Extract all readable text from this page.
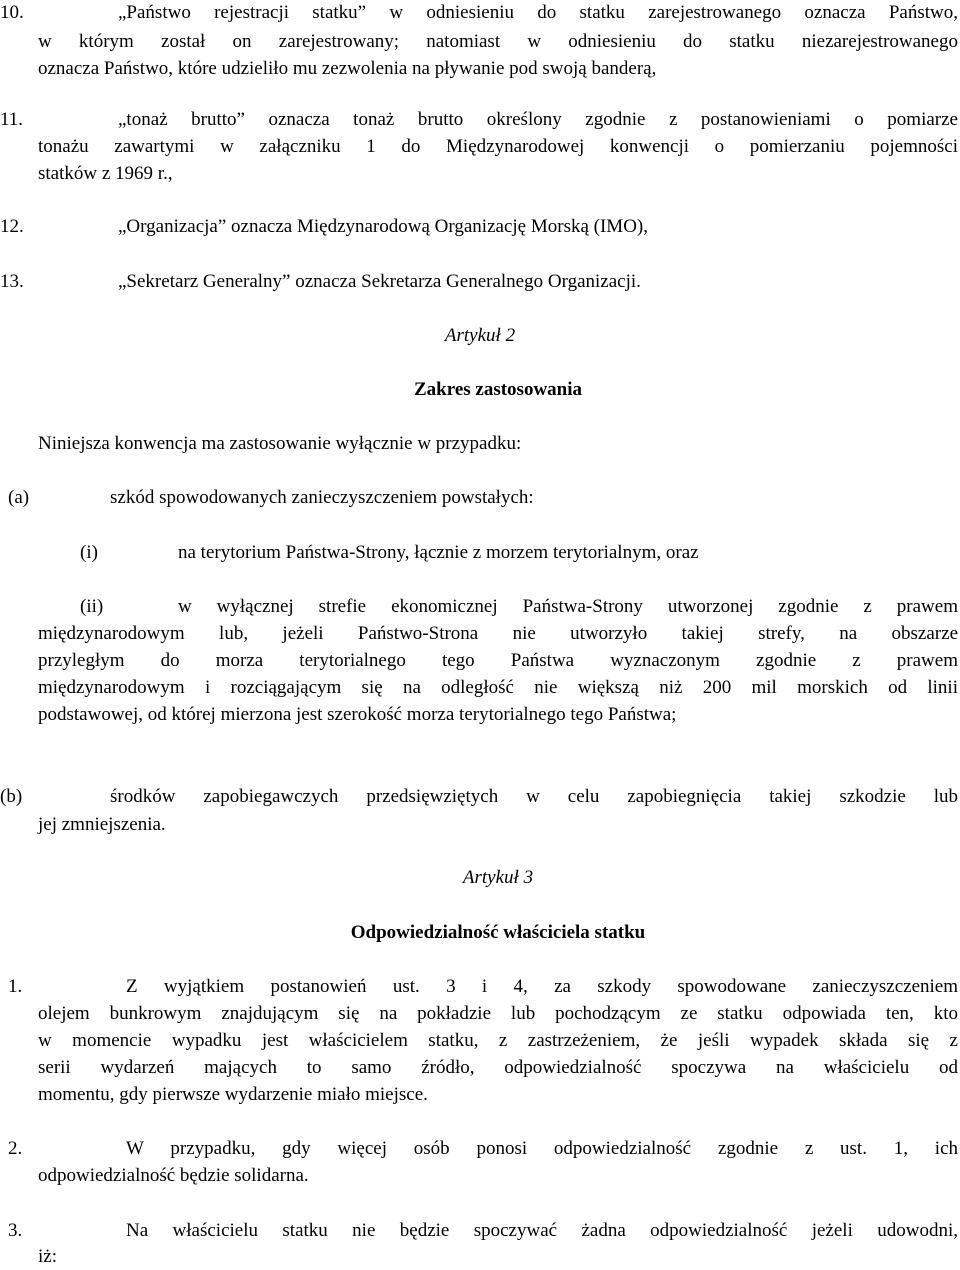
10.	„Państwo rejestracji statku” w odniesieniu do statku zarejestrowanego oznacza Państwo,
w którym został on zarejestrowany; natomiast w odniesieniu do statku niezarejestrowanego
oznacza Państwo, które udzieliło mu zezwolenia na pływanie pod swoją banderą,
11.	„tonaż brutto” oznacza tonaż brutto określony zgodnie z postanowieniami o pomiarze
tonażu zawartymi w załączniku 1 do Międzynarodowej konwencji o pomierzaniu pojemności
statków z 1969 r.,
12.	„Organizacja” oznacza Międzynarodową Organizację Morską (IMO),
13.	„Sekretarz Generalny” oznacza Sekretarza Generalnego Organizacji.
Artykuł 2
Zakres zastosowania
Niniejsza konwencja ma zastosowanie wyłącznie w przypadku:
(a)	szkód spowodowanych zanieczyszczeniem powstałych:
(i)	na terytorium Państwa-Strony, łącznie z morzem terytorialnym, oraz
(ii)	w wyłącznej strefie ekonomicznej Państwa-Strony utworzonej zgodnie z prawem
międzynarodowym lub, jeżeli Państwo-Strona nie utworzyło takiej strefy, na obszarze
przyległym do morza terytorialnego tego Państwa wyznaczonym zgodnie z prawem
międzynarodowym i rozciągającym się na odległość nie większą niż 200 mil morskich od linii
podstawowej, od której mierzona jest szerokość morza terytorialnego tego Państwa;
(b)	środków zapobiegawczych przedsięwziętych w celu zapobiegnięcia takiej szkodzie lub
jej zmniejszenia.
Artykuł 3
Odpowiedzialność właściciela statku
1.	Z wyjątkiem postanowień ust. 3 i 4, za szkody spowodowane zanieczyszczeniem
olejem bunkrowym znajdującym się na pokładzie lub pochodzącym ze statku odpowiada ten, kto
w momencie wypadku jest właścicielem statku, z zastrzeżeniem, że jeśli wypadek składa się z
serii wydarzeń mających to samo źródło, odpowiedzialność spoczywa na właścicielu od
momentu, gdy pierwsze wydarzenie miało miejsce.
2.	W przypadku, gdy więcej osób ponosi odpowiedzialność zgodnie z ust. 1, ich
odpowiedzialność będzie solidarna.
3.	Na właścicielu statku nie będzie spoczywać żadna odpowiedzialność jeżeli udowodni,
iż:
